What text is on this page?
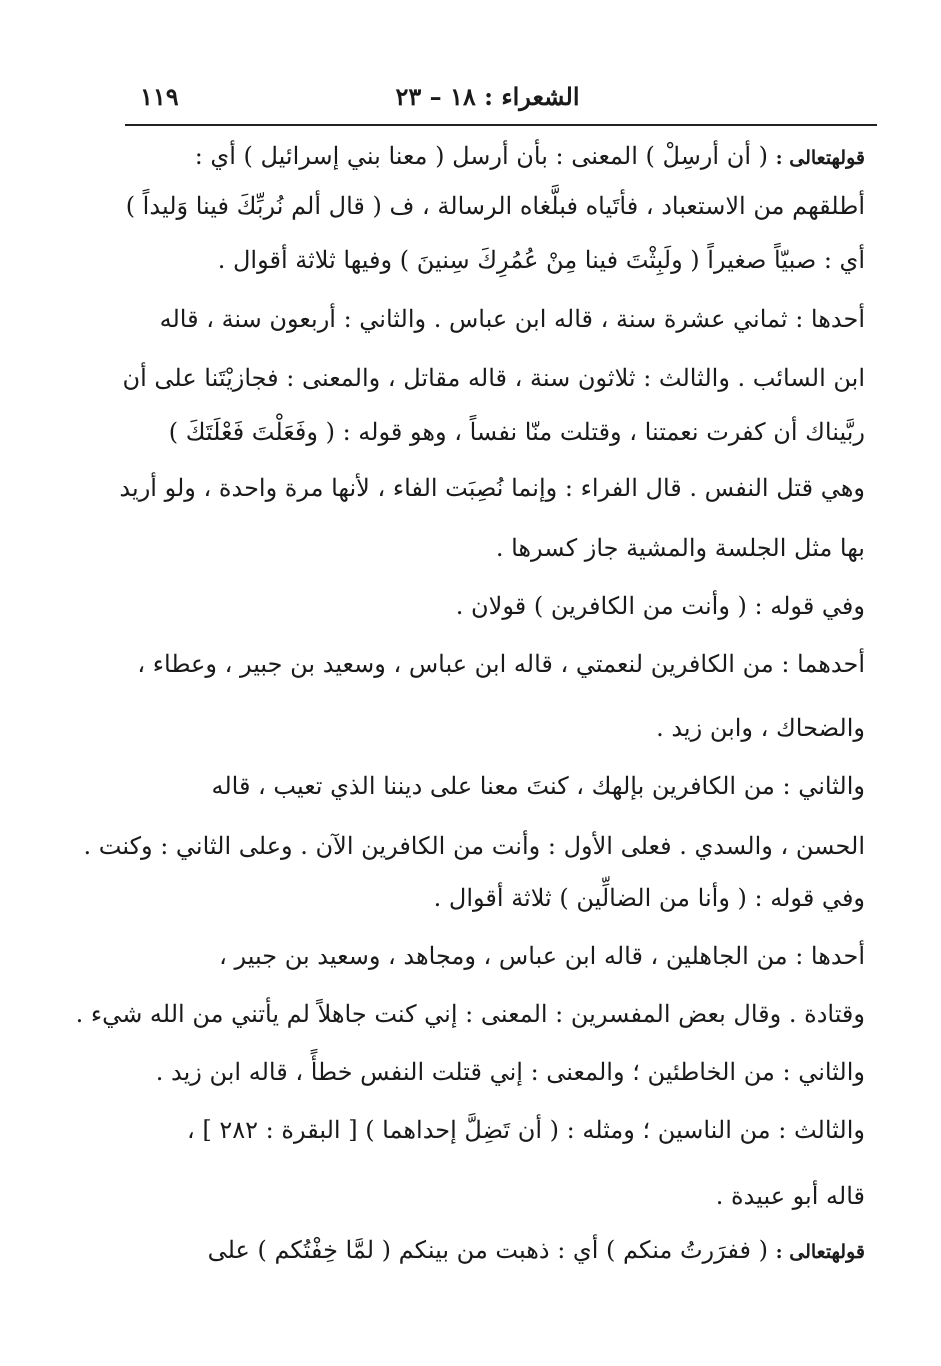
١١٩	الشعراء : ١٨ – ٢٣
قولهتعالى : ( أن أرسِلْ ) المعنى : بأن أرسل ( معنا بني إسرائيل ) أي :
أطلقهم من الاستعباد ، فأتَياه فبلَّغاه الرسالة ، ف ( قال ألم نُربِّكَ فينا وَليداً )
أي : صبيّاً صغيراً ( ولَبِثْتَ فينا مِنْ عُمُرِكَ سِنينَ ) وفيها ثلاثة أقوال .
أحدها : ثماني عشرة سنة ، قاله ابن عباس . والثاني : أربعون سنة ، قاله
ابن السائب . والثالث : ثلاثون سنة ، قاله مقاتل ، والمعنى : فجازيْتَنا على أن
ربَّيناك أن كفرت نعمتنا ، وقتلت منّا نفساً ، وهو قوله : ( وفَعَلْتَ فَعْلَتَكَ )
وهي قتل النفس . قال الفراء : وإنما نُصِبَت الفاء ، لأنها مرة واحدة ، ولو أريد
بها مثل الجلسة والمشية جاز كسرها .
وفي قوله : ( وأنت من الكافرين ) قولان .
أحدهما : من الكافرين لنعمتي ، قاله ابن عباس ، وسعيد بن جبير ، وعطاء ،
والضحاك ، وابن زيد .
والثاني : من الكافرين بإلهك ، كنتَ معنا على ديننا الذي تعيب ، قاله
الحسن ، والسدي . فعلى الأول : وأنت من الكافرين الآن . وعلى الثاني : وكنت .
وفي قوله : ( وأنا من الضالِّين ) ثلاثة أقوال .
أحدها : من الجاهلين ، قاله ابن عباس ، ومجاهد ، وسعيد بن جبير ،
وقتادة . وقال بعض المفسرين : المعنى : إني كنت جاهلاً لم يأتني من الله شيء .
والثاني : من الخاطئين ؛ والمعنى : إني قتلت النفس خطأً ، قاله ابن زيد .
والثالث : من الناسين ؛ ومثله : ( أن تَضِلَّ إحداهما ) [ البقرة : ٢٨٢ ] ،
قاله أبو عبيدة .
قولهتعالى : ( ففرَرتُ منكم ) أي : ذهبت من بينكم ( لمَّا خِفْتُكم ) على
